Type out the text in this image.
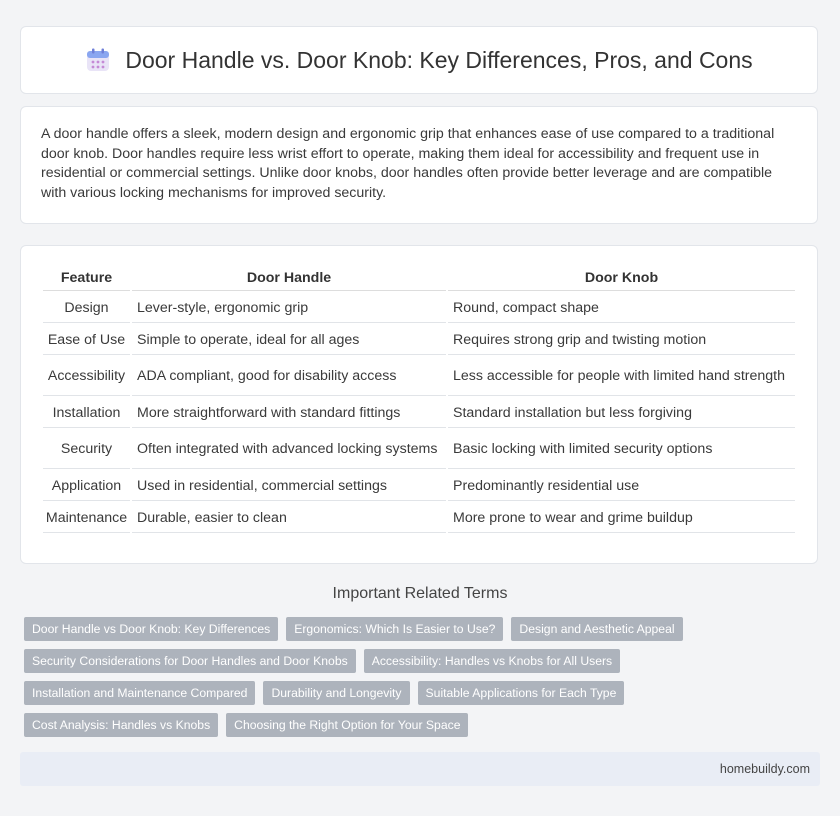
Door Handle vs. Door Knob: Key Differences, Pros, and Cons

A door handle offers a sleek, modern design and ergonomic grip that enhances ease of use compared to a traditional door knob. Door handles require less wrist effort to operate, making them ideal for accessibility and frequent use in residential or commercial settings. Unlike door knobs, door handles often provide better leverage and are compatible with various locking mechanisms for improved security.

Feature	Door Handle	Door Knob
Design	Lever-style, ergonomic grip	Round, compact shape
Ease of Use	Simple to operate, ideal for all ages	Requires strong grip and twisting motion
Accessibility	ADA compliant, good for disability access	Less accessible for people with limited hand strength
Installation	More straightforward with standard fittings	Standard installation but less forgiving
Security	Often integrated with advanced locking systems	Basic locking with limited security options
Application	Used in residential, commercial settings	Predominantly residential use
Maintenance	Durable, easier to clean	More prone to wear and grime buildup
Important Related Terms
Door Handle vs Door Knob: Key Differences	Ergonomics: Which Is Easier to Use?	Design and Aesthetic Appeal
Security Considerations for Door Handles and Door Knobs	Accessibility: Handles vs Knobs for All Users
Installation and Maintenance Compared	Durability and Longevity	Suitable Applications for Each Type
Cost Analysis: Handles vs Knobs	Choosing the Right Option for Your Space
homebuildy.com
